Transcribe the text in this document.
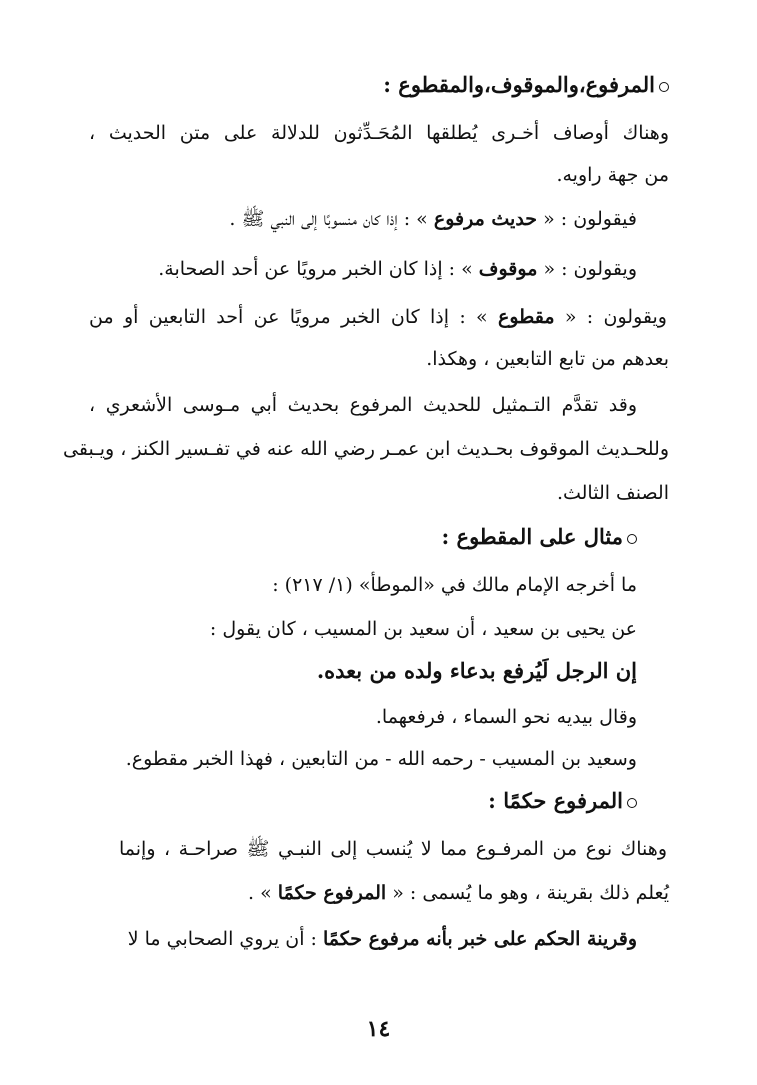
المرفوع،والموقوف،والمقطوع :
وهناك أوصاف أخـرى يُطلقها المُحَـدِّثون للدلالة على متن الحديث ،
من جهة راويه.
فيقولون : « حديث مرفوع » : إذا كان منسوبًا إلى النبي ﷺ .
ويقولون : « موقوف » : إذا كان الخبر مرويًا عن أحد الصحابة.
ويقولون : « مقطوع » : إذا كان الخبر مرويًا عن أحد التابعين أو من
بعدهم من تابع التابعين ، وهكذا.
وقد تقدَّم التـمثيل للحديث المرفوع بحديث أبي مـوسى الأشعري ،
وللحـديث الموقوف بحـديث ابن عمـر رضي الله عنه في تفـسير الكنز ، ويـبقى
الصنف الثالث.
مثال على المقطوع :
ما أخرجه الإمام مالك في «الموطأ» (١/ ٢١٧) :
عن يحيى بن سعيد ، أن سعيد بن المسيب ، كان يقول :
إن الرجل لَيُرفع بدعاء ولده من بعده.
وقال بيديه نحو السماء ، فرفعهما.
وسعيد بن المسيب - رحمه الله - من التابعين ، فهذا الخبر مقطوع.
المرفوع حكمًا :
وهناك نوع من المرفـوع مما لا يُنسب إلى النبـي ﷺ صراحـة ، وإنما
يُعلم ذلك بقرينة ، وهو ما يُسمى : « المرفوع حكمًا » .
وقرينة الحكم على خبر بأنه مرفوع حكمًا : أن يروي الصحابي ما لا
١٤
